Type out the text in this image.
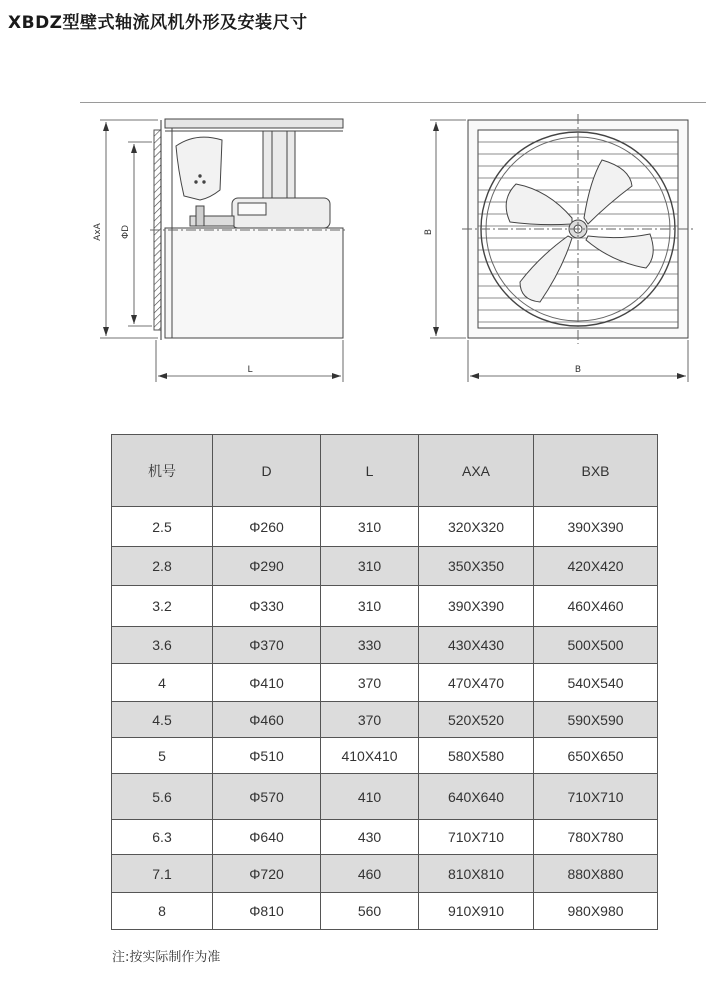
XBDZ型壁式轴流风机外形及安装尺寸
AxA ΦD
L
B
B
机号	D	L	AXA	BXB
2.5	Φ260	310	320X320	390X390
2.8	Φ290	310	350X350	420X420
3.2	Φ330	310	390X390	460X460
3.6	Φ370	330	430X430	500X500
4	Φ410	370	470X470	540X540
4.5	Φ460	370	520X520	590X590
5	Φ510	410X410	580X580	650X650
5.6	Φ570	410	640X640	710X710
6.3	Φ640	430	710X710	780X780
7.1	Φ720	460	810X810	880X880
8	Φ810	560	910X910	980X980
注:按实际制作为准
